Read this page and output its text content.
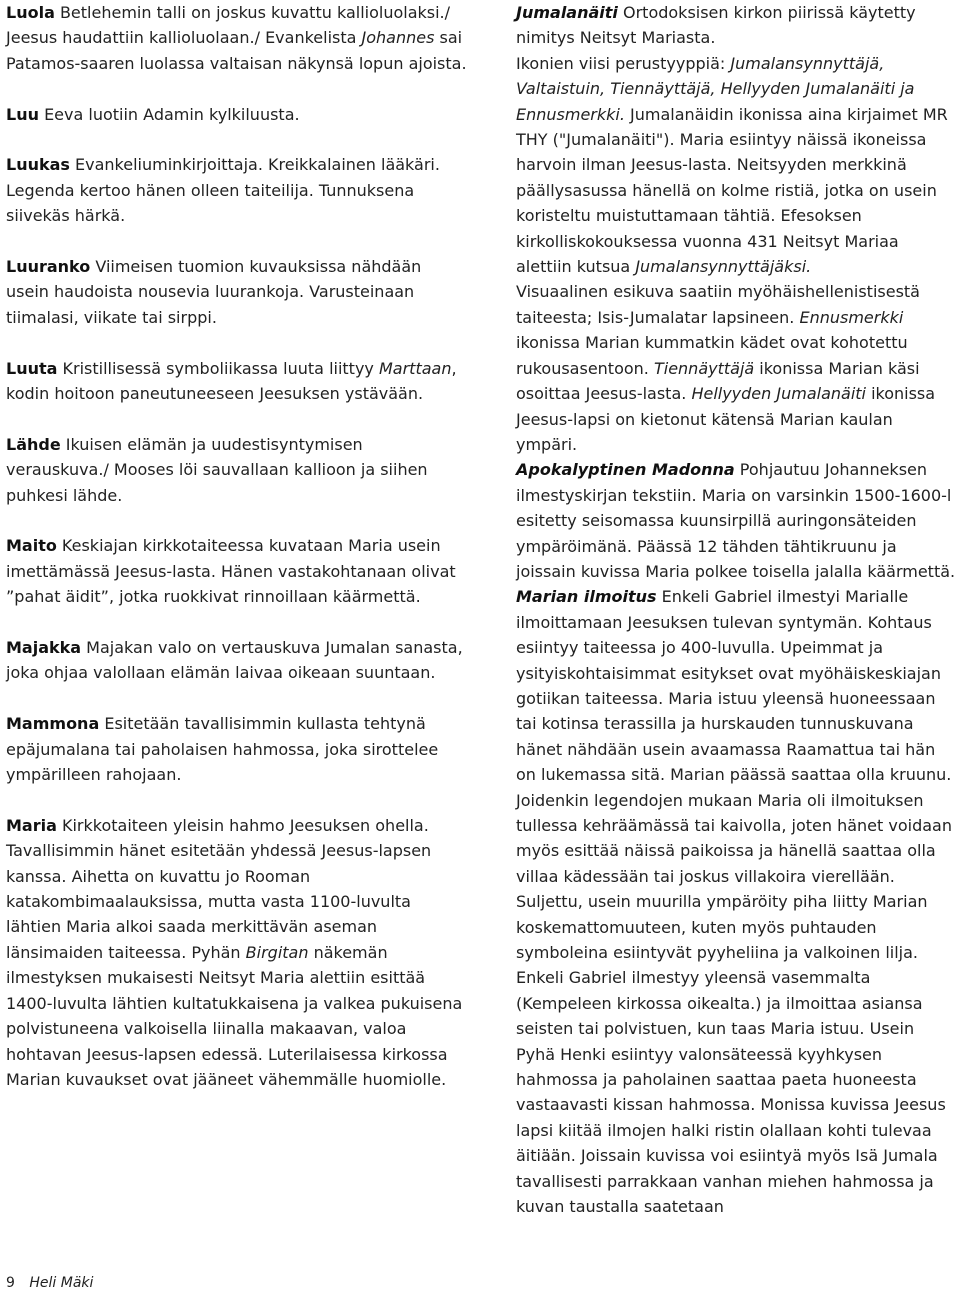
Luola Betlehemin talli on joskus kuvattu kallioluolaksi./ Jeesus haudattiin kallioluolaan./ Evankelista Johannes sai Patamos-saaren luolassa valtaisan näkynsä lopun ajoista.

Luu Eeva luotiin Adamin kylkiluusta.

Luukas Evankeliuminkirjoittaja. Kreikkalainen lääkäri. Legenda kertoo hänen olleen taiteilija. Tunnuksena siivekäs härkä.

Luuranko Viimeisen tuomion kuvauksissa nähdään usein haudoista nousevia luurankoja. Varusteinaan tiimalasi, viikate tai sirppi.

Luuta Kristillisessä symboliikassa luuta liittyy Marttaan, kodin hoitoon paneutuneeseen Jeesuksen ystävään.

Lähde Ikuisen elämän ja uudestisyntymisen verauskuva./ Mooses löi sauvallaan kallioon ja siihen puhkesi lähde.

Maito Keskiajan kirkkotaiteessa kuvataan Maria usein imettämässä Jeesus-lasta. Hänen vastakohtanaan olivat ”pahat äidit”, jotka ruokkivat rinnoillaan käärmettä.

Majakka Majakan valo on vertauskuva Jumalan sanasta, joka ohjaa valollaan elämän laivaa oikeaan suuntaan.

Mammona Esitetään tavallisimmin kullasta tehtynä epäjumalana tai paholaisen hahmossa, joka sirottelee ympärilleen rahojaan.

Maria Kirkkotaiteen yleisin hahmo Jeesuksen ohella. Tavallisimmin hänet esitetään yhdessä Jeesus-lapsen kanssa. Aihetta on kuvattu jo Rooman katakombimaalauksissa, mutta vasta 1100-luvulta lähtien Maria alkoi saada merkittävän aseman länsimaiden taiteessa. Pyhän Birgitan näkemän ilmestyksen mukaisesti Neitsyt Maria alettiin esittää 1400-luvulta lähtien kultatukkaisena ja valkea pukuisena polvistuneena valkoisella liinalla makaavan, valoa hohtavan Jeesus-lapsen edessä. Luterilaisessa kirkossa Marian kuvaukset ovat jääneet vähemmälle huomiolle.

Jumalanäiti Ortodoksisen kirkon piirissä käytetty nimitys Neitsyt Mariasta.
Ikonien viisi perustyyppiä: Jumalansynnyttäjä, Valtaistuin, Tiennäyttäjä, Hellyyden Jumalanäiti ja Ennusmerkki. Jumalanäidin ikonissa aina kirjaimet MR THY ("Jumalanäiti"). Maria esiintyy näissä ikoneissa harvoin ilman Jeesus-lasta. Neitsyyden merkkinä päällysasussa hänellä on kolme ristiä, jotka on usein koristeltu muistuttamaan tähtiä. Efesoksen kirkolliskokouksessa vuonna 431 Neitsyt Mariaa alettiin kutsua Jumalansynnyttäjäksi.
Visuaalinen esikuva saatiin myöhäishellenistisestä taiteesta; Isis-Jumalatar lapsineen. Ennusmerkki ikonissa Marian kummatkin kädet ovat kohotettu rukousasentoon. Tiennäyttäjä ikonissa Marian käsi osoittaa Jeesus-lasta. Hellyyden Jumalanäiti ikonissa Jeesus-lapsi on kietonut kätensä Marian kaulan ympäri.
Apokalyptinen Madonna Pohjautuu Johanneksen ilmestyskirjan tekstiin. Maria on varsinkin 1500-1600-l esitetty seisomassa kuunsirpillä auringonsäteiden ympäröimänä. Päässä 12 tähden tähtikruunu ja joissain kuvissa Maria polkee toisella jalalla käärmettä.
Marian ilmoitus Enkeli Gabriel ilmestyi Marialle ilmoittamaan Jeesuksen tulevan syntymän. Kohtaus esiintyy taiteessa jo 400-luvulla. Upeimmat ja ysityiskohtaisimmat esitykset ovat myöhäiskeskiajan gotiikan taiteessa. Maria istuu yleensä huoneessaan tai kotinsa terassilla ja hurskauden tunnuskuvana hänet nähdään usein avaamassa Raamattua tai hän on lukemassa sitä. Marian päässä saattaa olla kruunu. Joidenkin legendojen mukaan Maria oli ilmoituksen tullessa kehräämässä tai kaivolla, joten hänet voidaan myös esittää näissä paikoissa ja hänellä saattaa olla villaa kädessään tai joskus villakoira vierellään. Suljettu, usein muurilla ympäröity piha liitty Marian koskemattomuuteen, kuten myös puhtauden symboleina esiintyvät pyyheliina ja valkoinen lilja. Enkeli Gabriel ilmestyy yleensä vasemmalta (Kempeleen kirkossa oikealta.) ja ilmoittaa asiansa seisten tai polvistuen, kun taas Maria istuu. Usein Pyhä Henki esiintyy valonsäteessä kyyhkysen hahmossa ja paholainen saattaa paeta huoneesta vastaavasti kissan hahmossa. Monissa kuvissa Jeesus lapsi kiitää ilmojen halki ristin olallaan kohti tulevaa äitiään. Joissain kuvissa voi esiintyä myös Isä Jumala tavallisesti parrakkaan vanhan miehen hahmossa ja kuvan taustalla saatetaan

9 Heli Mäki
